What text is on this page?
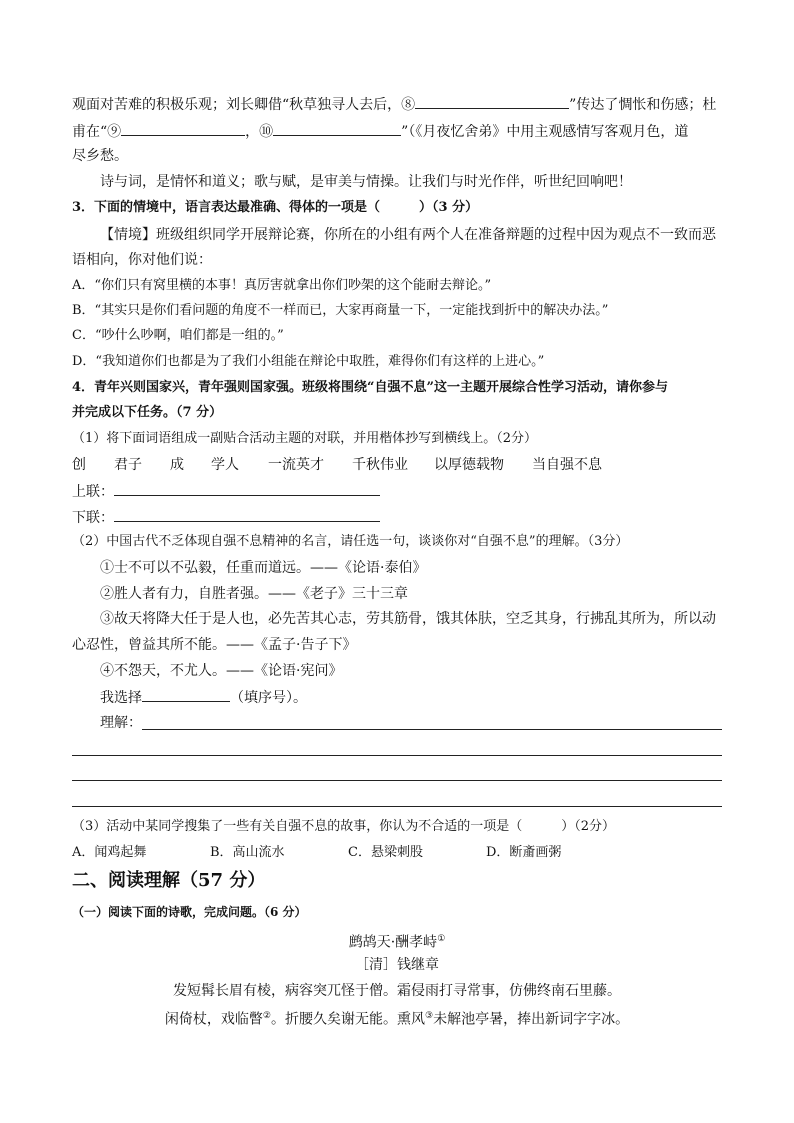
观面对苦难的积极乐观；刘长卿借“秋草独寻人去后，⑧	”传达了惆怅和伤感；杜
甫在“⑨	，⑩	”（《月夜忆舍弟》中用主观感情写客观月色，道
尽乡愁。
诗与词，是情怀和道义；歌与赋，是审美与情操。让我们与时光作伴，听世纪回响吧！
3．下面的情境中，语言表达最准确、得体的一项是（　　　）（3 分）
【情境】班级组织同学开展辩论赛，你所在的小组有两个人在准备辩题的过程中因为观点不一致而恶
语相向，你对他们说：
A．“你们只有窝里横的本事！真厉害就拿出你们吵架的这个能耐去辩论。”
B．“其实只是你们看问题的角度不一样而已，大家再商量一下，一定能找到折中的解决办法。”
C．“吵什么吵啊，咱们都是一组的。”
D．“我知道你们也都是为了我们小组能在辩论中取胜，难得你们有这样的上进心。”
4．青年兴则国家兴，青年强则国家强。班级将围绕“自强不息”这一主题开展综合性学习活动，请你参与
并完成以下任务。（7 分）
（1）将下面词语组成一副贴合活动主题的对联，并用楷体抄写到横线上。（2分）
创 君子 成 学人 一流英才 千秋伟业 以厚德载物 当自强不息
上联：
下联：
（2）中国古代不乏体现自强不息精神的名言，请任选一句，谈谈你对“自强不息”的理解。（3分）
①士不可以不弘毅，任重而道远。——《论语·泰伯》
②胜人者有力，自胜者强。——《老子》三十三章
③故天将降大任于是人也，必先苦其心志，劳其筋骨，饿其体肤，空乏其身，行拂乱其所为，所以动
心忍性，曾益其所不能。——《孟子·告子下》
④不怨天，不尤人。——《论语·宪问》
我选择	（填序号）。
理解：
（3）活动中某同学搜集了一些有关自强不息的故事，你认为不合适的一项是（　　　）（2分）
A．闻鸡起舞	B．高山流水	C．悬梁刺股	D．断齑画粥
二、阅读理解（57 分）
（一）阅读下面的诗歌，完成问题。（6 分）
鹧鸪天·酬孝峙①
［清］钱继章
发短髯长眉有棱，病容突兀怪于僧。霜侵雨打寻常事，仿佛终南石里藤。
闲倚杖，戏临瞥②。折腰久矣谢无能。熏风③未解池亭暑，捧出新词字字冰。
